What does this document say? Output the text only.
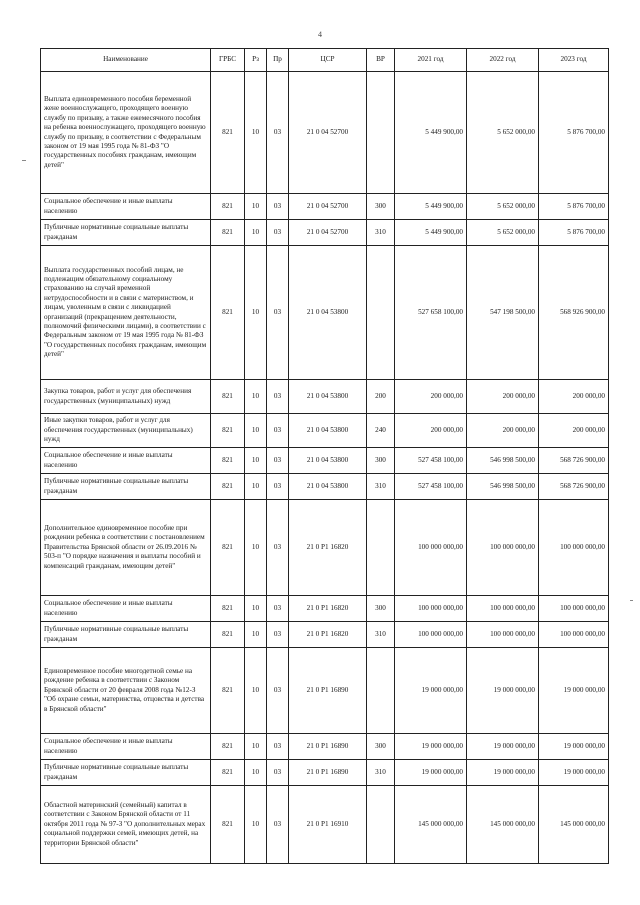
4
Наименование	ГРБС	Рз	Пр	ЦСР	ВР	2021 год	2022 год	2023 год
Выплата единовременного пособия беременной жене военнослужащего, проходящего военную службу по призыву, а также ежемесячного пособия на ребенка военнослужащего, проходящего военную службу по призыву, в соответствии с Федеральным законом от 19 мая 1995 года № 81-ФЗ "О государственных пособиях гражданам, имеющим детей"	821	10	03	21 0 04 52700		5 449 900,00	5 652 000,00	5 876 700,00
Социальное обеспечение и иные выплаты населению	821	10	03	21 0 04 52700	300	5 449 900,00	5 652 000,00	5 876 700,00
Публичные нормативные социальные выплаты гражданам	821	10	03	21 0 04 52700	310	5 449 900,00	5 652 000,00	5 876 700,00
Выплата государственных пособий лицам, не подлежащим обязательному социальному страхованию на случай временной нетрудоспособности и в связи с материнством, и лицам, уволенным в связи с ликвидацией организаций (прекращением деятельности, полномочий физическими лицами), в соответствии с Федеральным законом от 19 мая 1995 года № 81-ФЗ "О государственных пособиях гражданам, имеющим детей"	821	10	03	21 0 04 53800		527 658 100,00	547 198 500,00	568 926 900,00
Закупка товаров, работ и услуг для обеспечения государственных (муниципальных) нужд	821	10	03	21 0 04 53800	200	200 000,00	200 000,00	200 000,00
Иные закупки товаров, работ и услуг для обеспечения государственных (муниципальных) нужд	821	10	03	21 0 04 53800	240	200 000,00	200 000,00	200 000,00
Социальное обеспечение и иные выплаты населению	821	10	03	21 0 04 53800	300	527 458 100,00	546 998 500,00	568 726 900,00
Публичные нормативные социальные выплаты гражданам	821	10	03	21 0 04 53800	310	527 458 100,00	546 998 500,00	568 726 900,00
Дополнительное единовременное пособие при рождении ребенка в соответствии с постановлением Правительства Брянской области от 26.09.2016 № 503-п "О порядке назначения и выплаты пособий и компенсаций гражданам, имеющим детей"	821	10	03	21 0 P1 16820		100 000 000,00	100 000 000,00	100 000 000,00
Социальное обеспечение и иные выплаты населению	821	10	03	21 0 P1 16820	300	100 000 000,00	100 000 000,00	100 000 000,00
Публичные нормативные социальные выплаты гражданам	821	10	03	21 0 P1 16820	310	100 000 000,00	100 000 000,00	100 000 000,00
Единовременное пособие многодетной семье на рождение ребенка в соответствии с Законом Брянской области от 20 февраля 2008 года №12-З "Об охране семьи, материнства, отцовства и детства в Брянской области"	821	10	03	21 0 P1 16890		19 000 000,00	19 000 000,00	19 000 000,00
Социальное обеспечение и иные выплаты населению	821	10	03	21 0 P1 16890	300	19 000 000,00	19 000 000,00	19 000 000,00
Публичные нормативные социальные выплаты гражданам	821	10	03	21 0 P1 16890	310	19 000 000,00	19 000 000,00	19 000 000,00
Областной материнский (семейный) капитал в соответствии с Законом Брянской области от 11 октября 2011 года № 97-З "О дополнительных мерах социальной поддержки семей, имеющих детей, на территории Брянской области"	821	10	03	21 0 P1 16910		145 000 000,00	145 000 000,00	145 000 000,00
